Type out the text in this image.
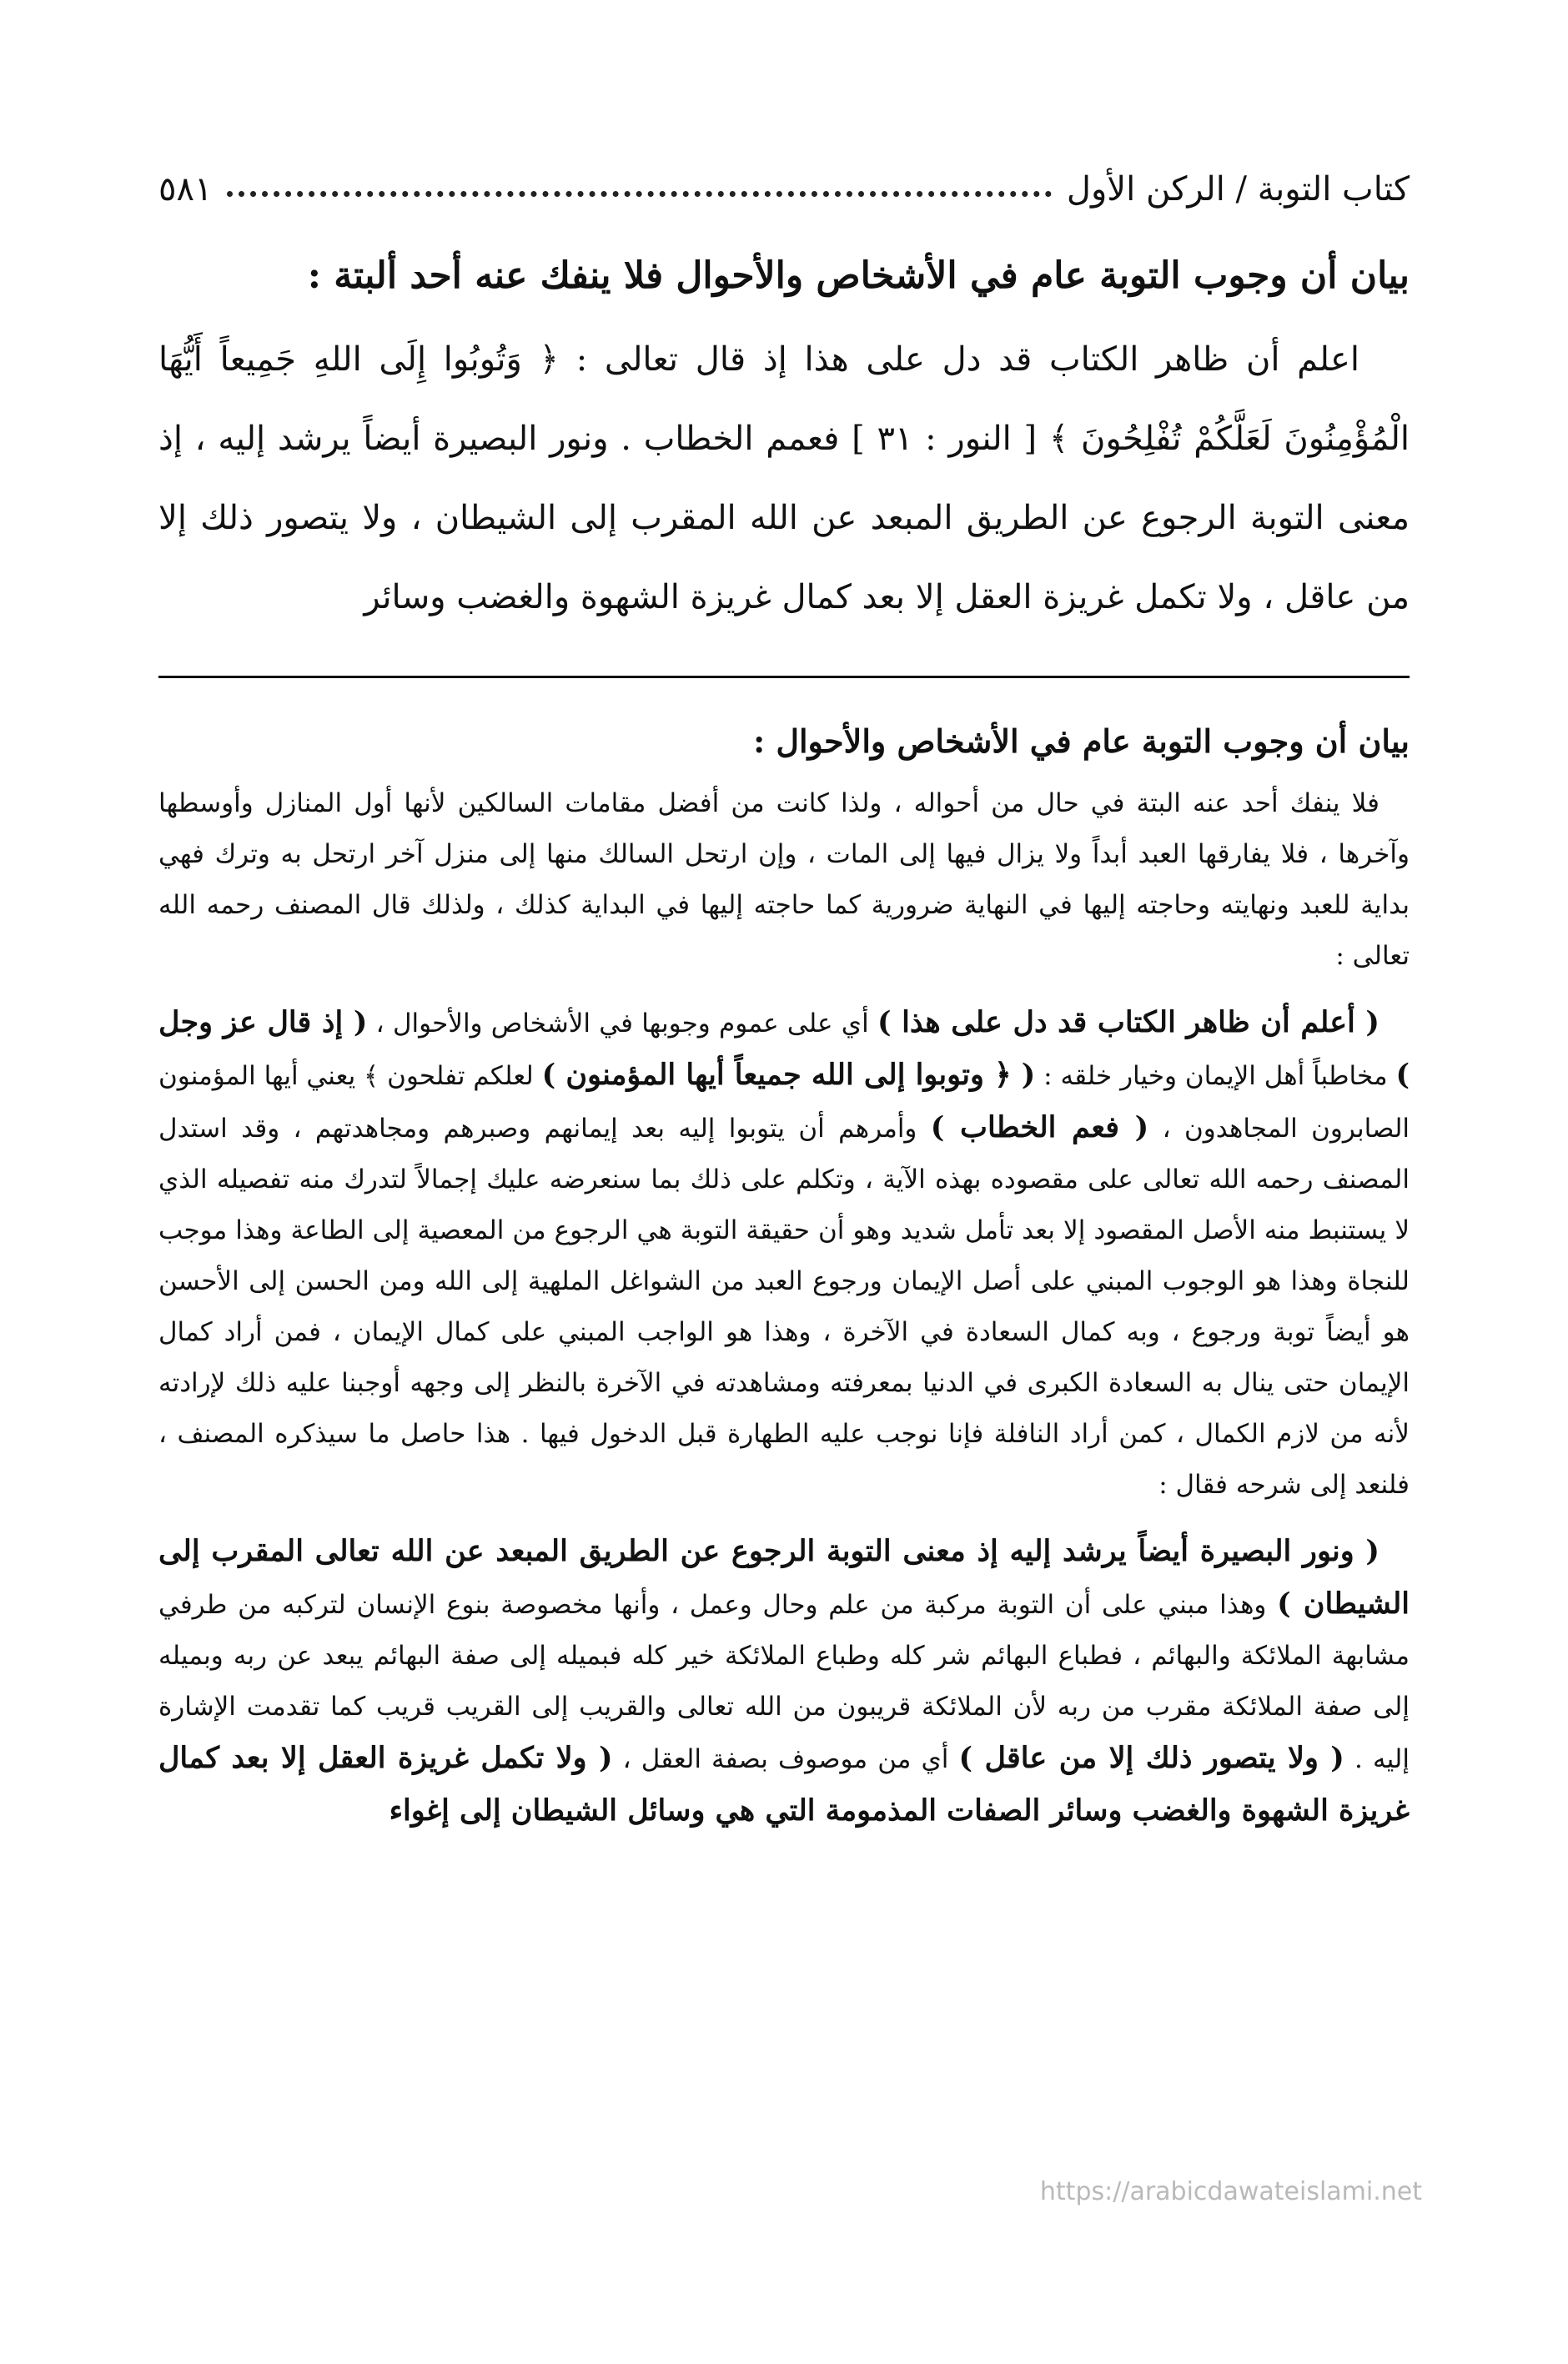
كتاب التوبة / الركن الأول
٥٨١
بيان أن وجوب التوبة عام في الأشخاص والأحوال فلا ينفك عنه أحد ألبتة :

اعلم أن ظاهر الكتاب قد دل على هذا إذ قال تعالى : ﴿ وَتُوبُوا إِلَى اللهِ جَمِيعاً أَيُّهَا الْمُؤْمِنُونَ لَعَلَّكُمْ تُفْلِحُونَ ﴾ [ النور : ٣١ ] فعمم الخطاب . ونور البصيرة أيضاً يرشد إليه ، إذ معنى التوبة الرجوع عن الطريق المبعد عن الله المقرب إلى الشيطان ، ولا يتصور ذلك إلا من عاقل ، ولا تكمل غريزة العقل إلا بعد كمال غريزة الشهوة والغضب وسائر

بيان أن وجوب التوبة عام في الأشخاص والأحوال :

فلا ينفك أحد عنه البتة في حال من أحواله ، ولذا كانت من أفضل مقامات السالكين لأنها أول المنازل وأوسطها وآخرها ، فلا يفارقها العبد أبداً ولا يزال فيها إلى المات ، وإن ارتحل السالك منها إلى منزل آخر ارتحل به وترك فهي بداية للعبد ونهايته وحاجته إليها في النهاية ضرورية كما حاجته إليها في البداية كذلك ، ولذلك قال المصنف رحمه الله تعالى :

( أعلم أن ظاهر الكتاب قد دل على هذا ) أي على عموم وجوبها في الأشخاص والأحوال ، ( إذ قال عز وجل ) مخاطباً أهل الإيمان وخيار خلقه : ( ﴿ وتوبوا إلى الله جميعاً أيها المؤمنون ) لعلكم تفلحون ﴾ يعني أيها المؤمنون الصابرون المجاهدون ، ( فعم الخطاب ) وأمرهم أن يتوبوا إليه بعد إيمانهم وصبرهم ومجاهدتهم ، وقد استدل المصنف رحمه الله تعالى على مقصوده بهذه الآية ، وتكلم على ذلك بما سنعرضه عليك إجمالاً لتدرك منه تفصيله الذي لا يستنبط منه الأصل المقصود إلا بعد تأمل شديد وهو أن حقيقة التوبة هي الرجوع من المعصية إلى الطاعة وهذا موجب للنجاة وهذا هو الوجوب المبني على أصل الإيمان ورجوع العبد من الشواغل الملهية إلى الله ومن الحسن إلى الأحسن هو أيضاً توبة ورجوع ، وبه كمال السعادة في الآخرة ، وهذا هو الواجب المبني على كمال الإيمان ، فمن أراد كمال الإيمان حتى ينال به السعادة الكبرى في الدنيا بمعرفته ومشاهدته في الآخرة بالنظر إلى وجهه أوجبنا عليه ذلك لإرادته لأنه من لازم الكمال ، كمن أراد النافلة فإنا نوجب عليه الطهارة قبل الدخول فيها . هذا حاصل ما سيذكره المصنف ، فلنعد إلى شرحه فقال :

( ونور البصيرة أيضاً يرشد إليه إذ معنى التوبة الرجوع عن الطريق المبعد عن الله تعالى المقرب إلى الشيطان ) وهذا مبني على أن التوبة مركبة من علم وحال وعمل ، وأنها مخصوصة بنوع الإنسان لتركبه من طرفي مشابهة الملائكة والبهائم ، فطباع البهائم شر كله وطباع الملائكة خير كله فبميله إلى صفة البهائم يبعد عن ربه وبميله إلى صفة الملائكة مقرب من ربه لأن الملائكة قريبون من الله تعالى والقريب إلى القريب قريب كما تقدمت الإشارة إليه . ( ولا يتصور ذلك إلا من عاقل ) أي من موصوف بصفة العقل ، ( ولا تكمل غريزة العقل إلا بعد كمال غريزة الشهوة والغضب وسائر الصفات المذمومة التي هي وسائل الشيطان إلى إغواء

https://arabicdawateislami.net
